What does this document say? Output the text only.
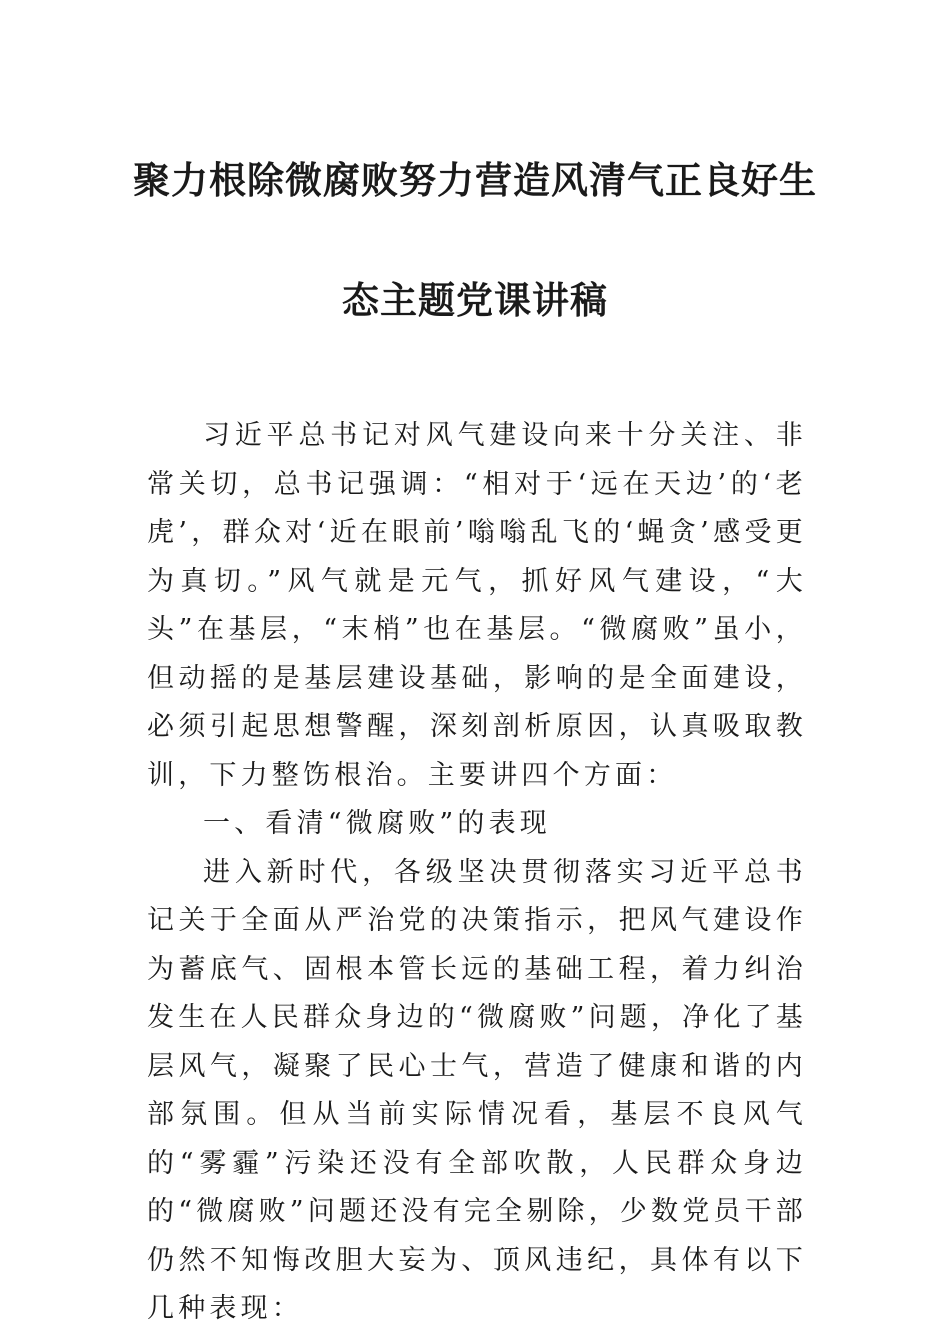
聚力根除微腐败努力营造风清气正良好生
态主题党课讲稿

习近平总书记对风气建设向来十分关注、非常关切，总书记强调：“相对于‘远在天边’的‘老虎’，群众对‘近在眼前’嗡嗡乱飞的‘蝇贪’感受更为真切。”风气就是元气，抓好风气建设，“大头”在基层，“末梢”也在基层。“微腐败”虽小，但动摇的是基层建设基础，影响的是全面建设，必须引起思想警醒，深刻剖析原因，认真吸取教训，下力整饬根治。主要讲四个方面：

一、看清“微腐败”的表现

进入新时代，各级坚决贯彻落实习近平总书记关于全面从严治党的决策指示，把风气建设作为蓄底气、固根本管长远的基础工程，着力纠治发生在人民群众身边的“微腐败”问题，净化了基层风气，凝聚了民心士气，营造了健康和谐的内部氛围。但从当前实际情况看，基层不良风气的“雾霾”污染还没有全部吹散，人民群众身边的“微腐败”问题还没有完全剔除，少数党员干部仍然不知悔改胆大妄为、顶风违纪，具体有以下几种表现：
